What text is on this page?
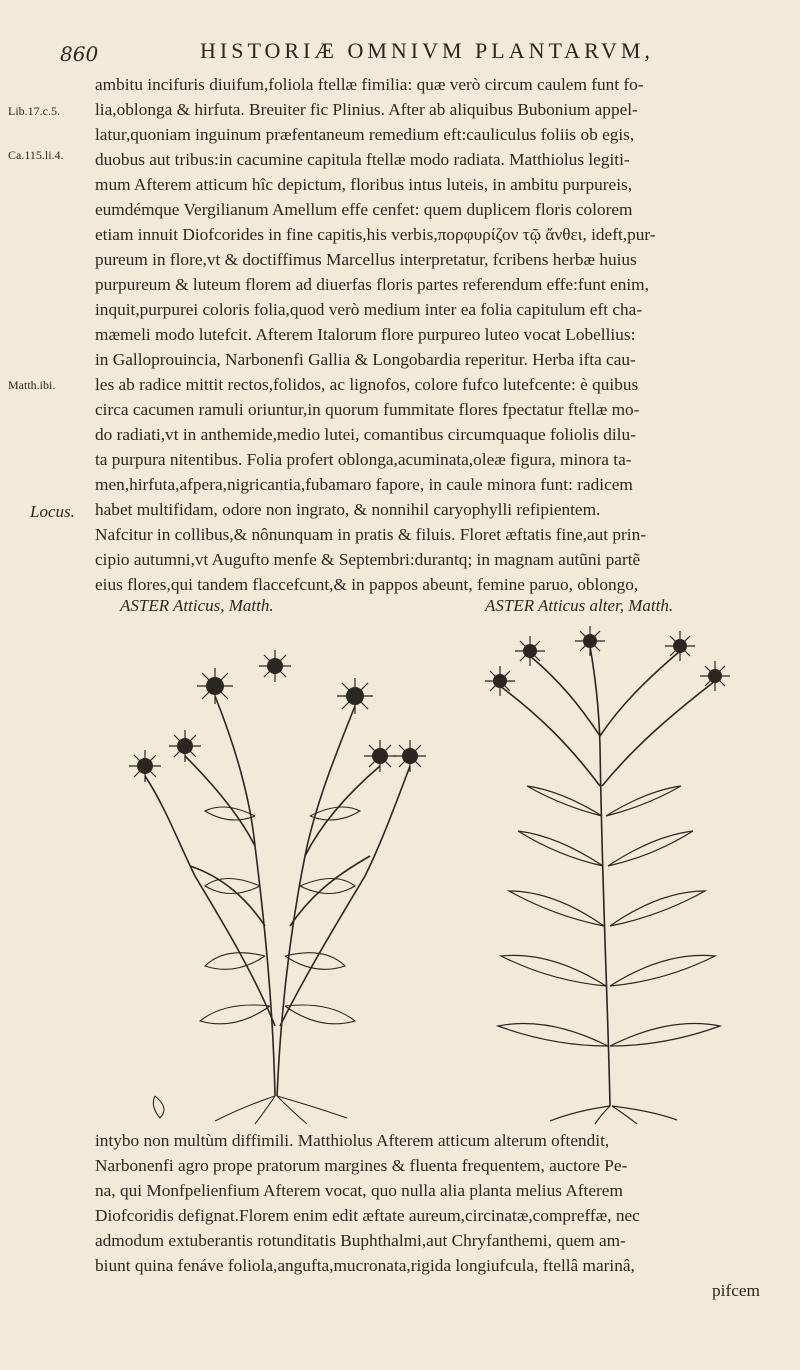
860	HISTORIÆ OMNIVM PLANTARVM,
Lib.17.c.5.
Ca.115.li.4.
Matth.ibi.
Locus.
ambitu incifuris diuifum,foliola ftellæ fimilia: quæ verò circum caulem funt fo-
lia,oblonga & hirfuta. Breuiter fic Plinius. After ab aliquibus Bubonium appel-
latur,quoniam inguinum præfentaneum remedium eft:cauliculus foliis ob egis,
duobus aut tribus:in cacumine capitula ftellæ modo radiata. Matthiolus legiti-
mum Afterem atticum hîc depictum, floribus intus luteis, in ambitu purpureis,
eumdémque Vergilianum Amellum effe cenfet: quem duplicem floris colorem
etiam innuit Diofcorides in fine capitis,his verbis,πορφυρίζον τῷ ἄνθει, ideft,pur-
pureum in flore,vt & doctiffimus Marcellus interpretatur, fcribens herbæ huius
purpureum & luteum florem ad diuerfas floris partes referendum effe:funt enim,
inquit,purpurei coloris folia,quod verò medium inter ea folia capitulum eft cha-
mæmeli modo lutefcit. Afterem Italorum flore purpureo luteo vocat Lobellius:
in Galloprouincia, Narbonenfi Gallia & Longobardia reperitur. Herba ifta cau-
les ab radice mittit rectos,folidos, ac lignofos, colore fufco lutefcente: è quibus
circa cacumen ramuli oriuntur,in quorum fummitate flores fpectatur ftellæ mo-
do radiati,vt in anthemide,medio lutei, comantibus circumquaque foliolis dilu-
ta purpura nitentibus. Folia profert oblonga,acuminata,oleæ figura, minora ta-
men,hirfuta,afpera,nigricantia,fubamaro fapore, in caule minora funt: radicem
habet multifidam, odore non ingrato, & nonnihil caryophylli refipientem.
Nafcitur in collibus,& nônunquam in pratis & filuis. Floret æftatis fine,aut prin-
cipio autumni,vt Augufto menfe & Septembri:durantq; in magnam autũni partẽ
eius flores,qui tandem flaccefcunt,& in pappos abeunt, femine paruo, oblongo,
ASTER Atticus, Matth.	ASTER Atticus alter, Matth.
intybo non multùm diffimili. Matthiolus Afterem atticum alterum oftendit,
Narbonenfi agro prope pratorum margines & fluenta frequentem, auctore Pe-
na, qui Monfpelienfium Afterem vocat, quo nulla alia planta melius Afterem
Diofcoridis defignat.Florem enim edit æftate aureum,circinatæ,compreffæ, nec
admodum extuberantis rotunditatis Buphthalmi,aut Chryfanthemi, quem am-
biunt quina fenáve foliola,angufta,mucronata,rigida longiufcula, ftellâ marinâ,
pifcem
